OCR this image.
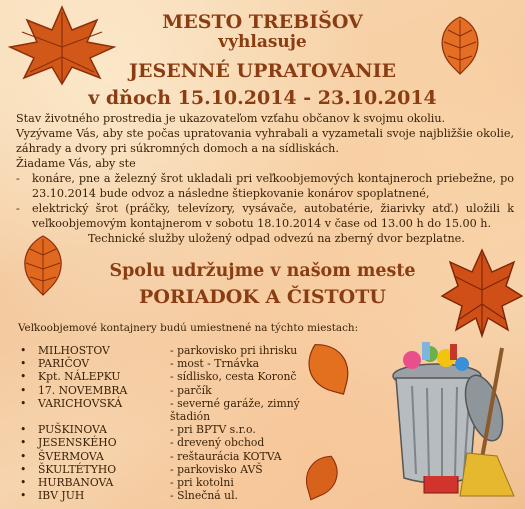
MESTO TREBIŠOV
vyhlasuje
JESENNÉ UPRATOVANIE
v dňoch 15.10.2014 - 23.10.2014

Stav životného prostredia je ukazovateľom vzťahu občanov k svojmu okoliu.

Vyzývame Vás, aby ste počas upratovania vyhrabali a vyzametali svoje najbližšie okolie, záhrady a dvory pri súkromných domoch a na sídliskách.

Žiadame Vás, aby ste

-	konáre, pne a železný šrot ukladali pri veľkoobjemových kontajneroch priebežne, po 23.10.2014 bude odvoz a následne štiepkovanie konárov spoplatnené,
-	elektrický šrot (práčky, televízory, vysávače, autobatérie, žiarivky atď.) uložili k veľkoobjemovým kontajnerom v sobotu 18.10.2014 v čase od 13.00 h do 15.00 h.

Technické služby uložený odpad odvezú na zberný dvor bezplatne.

Spolu udržujme v našom meste
PORIADOK A ČISTOTU
Veľkoobjemové kontajnery budú umiestnené na týchto miestach:
•	MILHOSTOV	- parkovisko pri ihrisku
•	PARIČOV	- most - Trnávka
•	Kpt. NÁLEPKU	- sídlisko, cesta Koronč
•	17. NOVEMBRA	- parčík
•	VARICHOVSKÁ	- severné garáže, zimný štadión
•	PUŠKINOVA	- pri BPTV s.r.o.
•	JESENSKÉHO	- drevený obchod
•	ŠVERMOVA	- reštaurácia KOTVA
•	ŠKULTÉTYHO	- parkovisko AVŠ
•	HURBANOVA	- pri kotolni
•	IBV JUH	- Slnečná ul.
